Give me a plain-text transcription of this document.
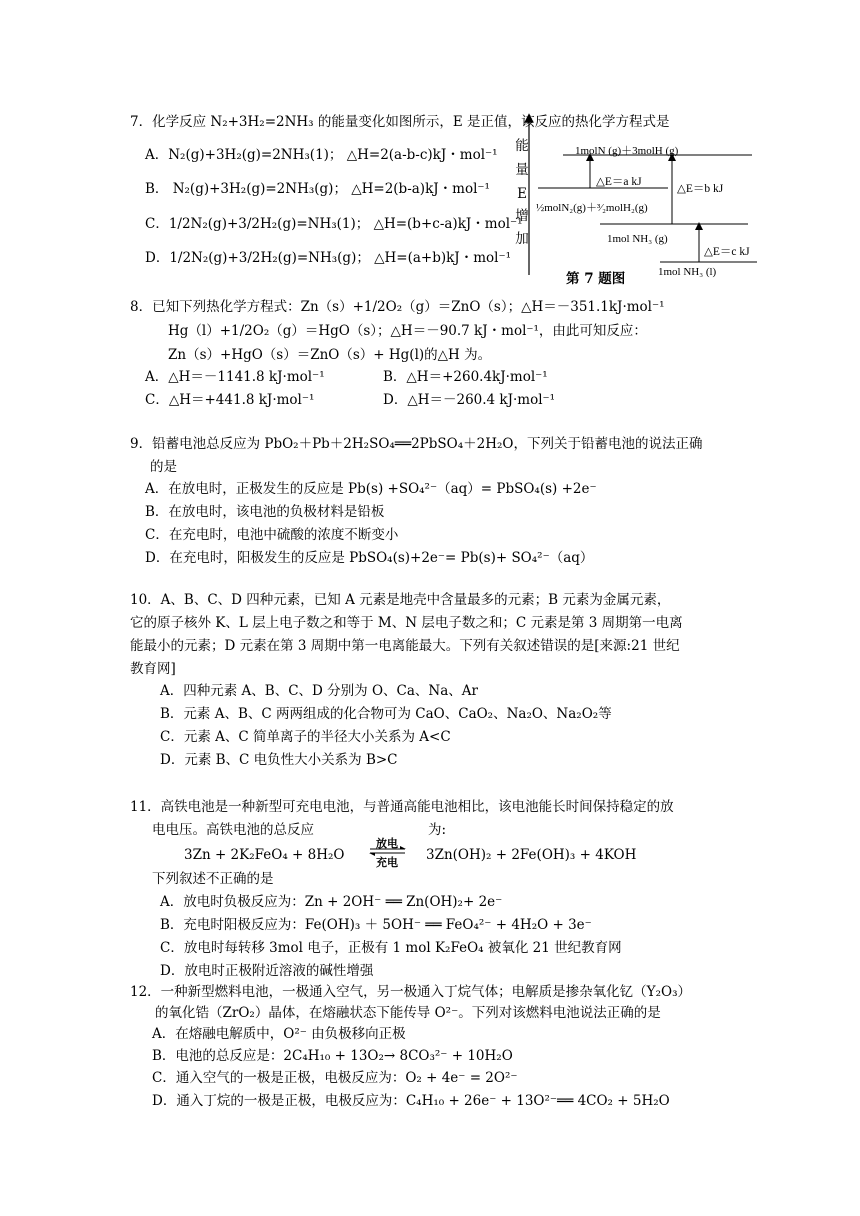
7．化学反应 N₂+3H₂=2NH₃ 的能量变化如图所示，E 是正值，该反应的热化学方程式是
A．N₂(g)+3H₂(g)=2NH₃(1)； △H=2(a-b-c)kJ・mol⁻¹
B． N₂(g)+3H₂(g)=2NH₃(g)； △H=2(b-a)kJ・mol⁻¹
C．1/2N₂(g)+3/2H₂(g)=NH₃(1)； △H=(b+c-a)kJ・mol⁻¹
D．1/2N₂(g)+3/2H₂(g)=NH₃(g)； △H=(a+b)kJ・mol⁻¹
能
量
E
增
加
1molN (g)＋3molH (g)
△E＝a kJ
△E＝b kJ
½molN₂(g)＋³⁄₂molH₂(g)
1mol NH₃ (g)
△E＝c kJ
1mol NH₃ (l)
第 7 题图
8．已知下列热化学方程式：Zn（s）+1/2O₂（g）＝ZnO（s）；△H＝－351.1kJ·mol⁻¹
Hg（l）+1/2O₂（g）＝HgO（s）；△H＝－90.7 kJ・mol⁻¹，由此可知反应：
Zn（s）+HgO（s）＝ZnO（s）+ Hg(l)的△H 为。
A．△H＝－1141.8 kJ·mol⁻¹	B．△H＝+260.4kJ·mol⁻¹
C．△H＝+441.8 kJ·mol⁻¹	D．△H＝－260.4 kJ·mol⁻¹
9．铅蓄电池总反应为 PbO₂＋Pb＋2H₂SO₄══2PbSO₄＋2H₂O，下列关于铅蓄电池的说法正确
的是
A．在放电时，正极发生的反应是 Pb(s) +SO₄²⁻（aq）= PbSO₄(s) +2e⁻
B．在放电时，该电池的负极材料是铅板
C．在充电时，电池中硫酸的浓度不断变小
D．在充电时，阳极发生的反应是 PbSO₄(s)+2e⁻= Pb(s)+ SO₄²⁻（aq）
10．A、B、C、D 四种元素，已知 A 元素是地壳中含量最多的元素；B 元素为金属元素，
它的原子核外 K、L 层上电子数之和等于 M、N 层电子数之和；C 元素是第 3 周期第一电离
能最小的元素；D 元素在第 3 周期中第一电离能最大。下列有关叙述错误的是[来源:21 世纪
教育网]
A．四种元素 A、B、C、D 分别为 O、Ca、Na、Ar
B．元素 A、B、C 两两组成的化合物可为 CaO、CaO₂、Na₂O、Na₂O₂等
C．元素 A、C 简单离子的半径大小关系为 A<C
D．元素 B、C 电负性大小关系为 B>C
11．高铁电池是一种新型可充电电池，与普通高能电池相比，该电池能长时间保持稳定的放
电电压。高铁电池的总反应	为:
3Zn + 2K₂FeO₄ + 8H₂O
放电
充电 3Zn(OH)₂ + 2Fe(OH)₃ + 4KOH
下列叙述不正确的是
A．放电时负极反应为：Zn + 2OH⁻ ══ Zn(OH)₂+ 2e⁻
B．充电时阳极反应为：Fe(OH)₃ ＋ 5OH⁻ ══ FeO₄²⁻ + 4H₂O + 3e⁻
C．放电时每转移 3mol 电子，正极有 1 mol K₂FeO₄ 被氧化 21 世纪教育网
D．放电时正极附近溶液的碱性增强
12．一种新型燃料电池，一极通入空气，另一极通入丁烷气体；电解质是掺杂氧化钇（Y₂O₃）
的氧化锆（ZrO₂）晶体，在熔融状态下能传导 O²⁻。下列对该燃料电池说法正确的是
A．在熔融电解质中，O²⁻ 由负极移向正极
B．电池的总反应是：2C₄H₁₀ + 13O₂→ 8CO₃²⁻ + 10H₂O
C．通入空气的一极是正极，电极反应为：O₂ + 4e⁻ = 2O²⁻
D．通入丁烷的一极是正极，电极反应为：C₄H₁₀ + 26e⁻ + 13O²⁻══ 4CO₂ + 5H₂O
